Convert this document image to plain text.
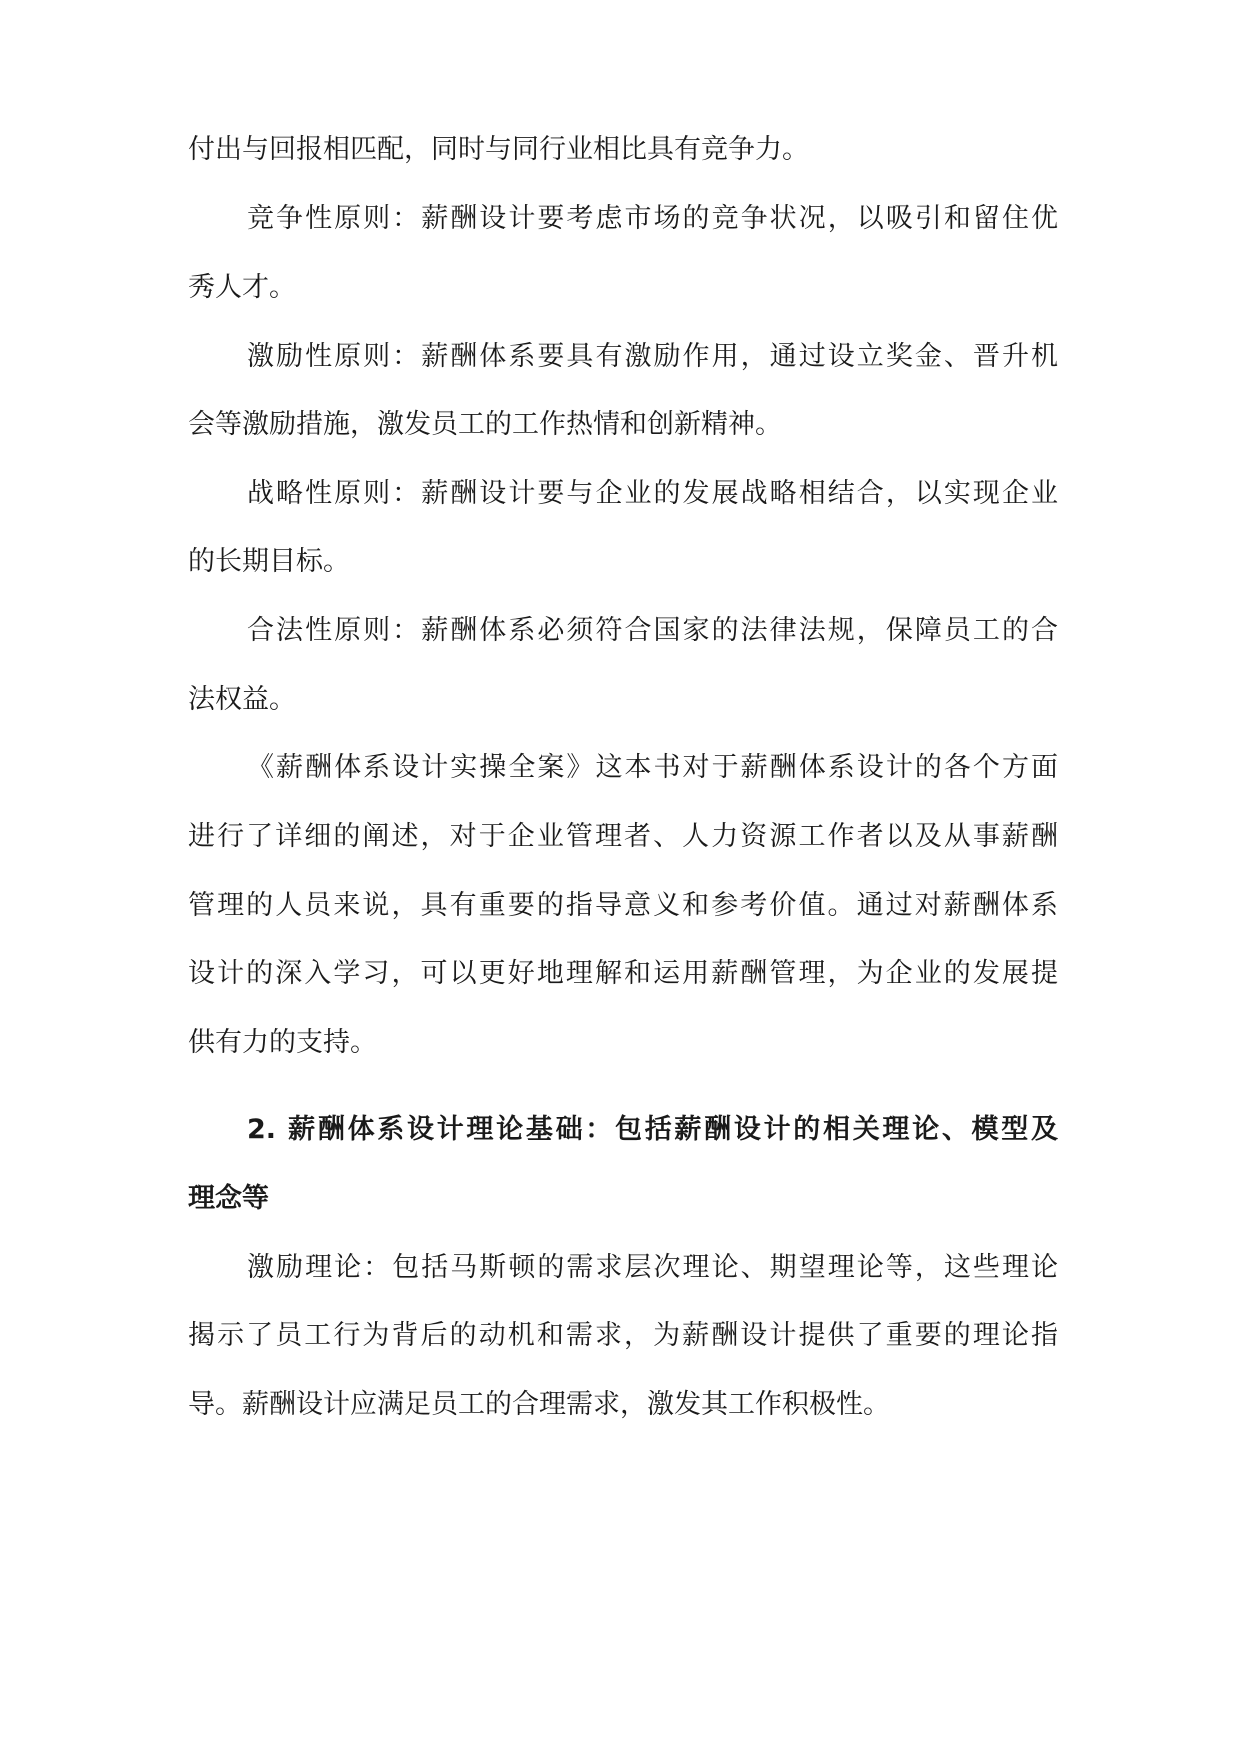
付出与回报相匹配，同时与同行业相比具有竞争力。
竞争性原则：薪酬设计要考虑市场的竞争状况，以吸引和留住优
秀人才。
激励性原则：薪酬体系要具有激励作用，通过设立奖金、晋升机
会等激励措施，激发员工的工作热情和创新精神。
战略性原则：薪酬设计要与企业的发展战略相结合，以实现企业
的长期目标。
合法性原则：薪酬体系必须符合国家的法律法规，保障员工的合
法权益。
《薪酬体系设计实操全案》这本书对于薪酬体系设计的各个方面
进行了详细的阐述，对于企业管理者、人力资源工作者以及从事薪酬
管理的人员来说，具有重要的指导意义和参考价值。通过对薪酬体系
设计的深入学习，可以更好地理解和运用薪酬管理，为企业的发展提
供有力的支持。
2. 薪酬体系设计理论基础：包括薪酬设计的相关理论、模型及
理念等
激励理论：包括马斯顿的需求层次理论、期望理论等，这些理论
揭示了员工行为背后的动机和需求，为薪酬设计提供了重要的理论指
导。薪酬设计应满足员工的合理需求，激发其工作积极性。
